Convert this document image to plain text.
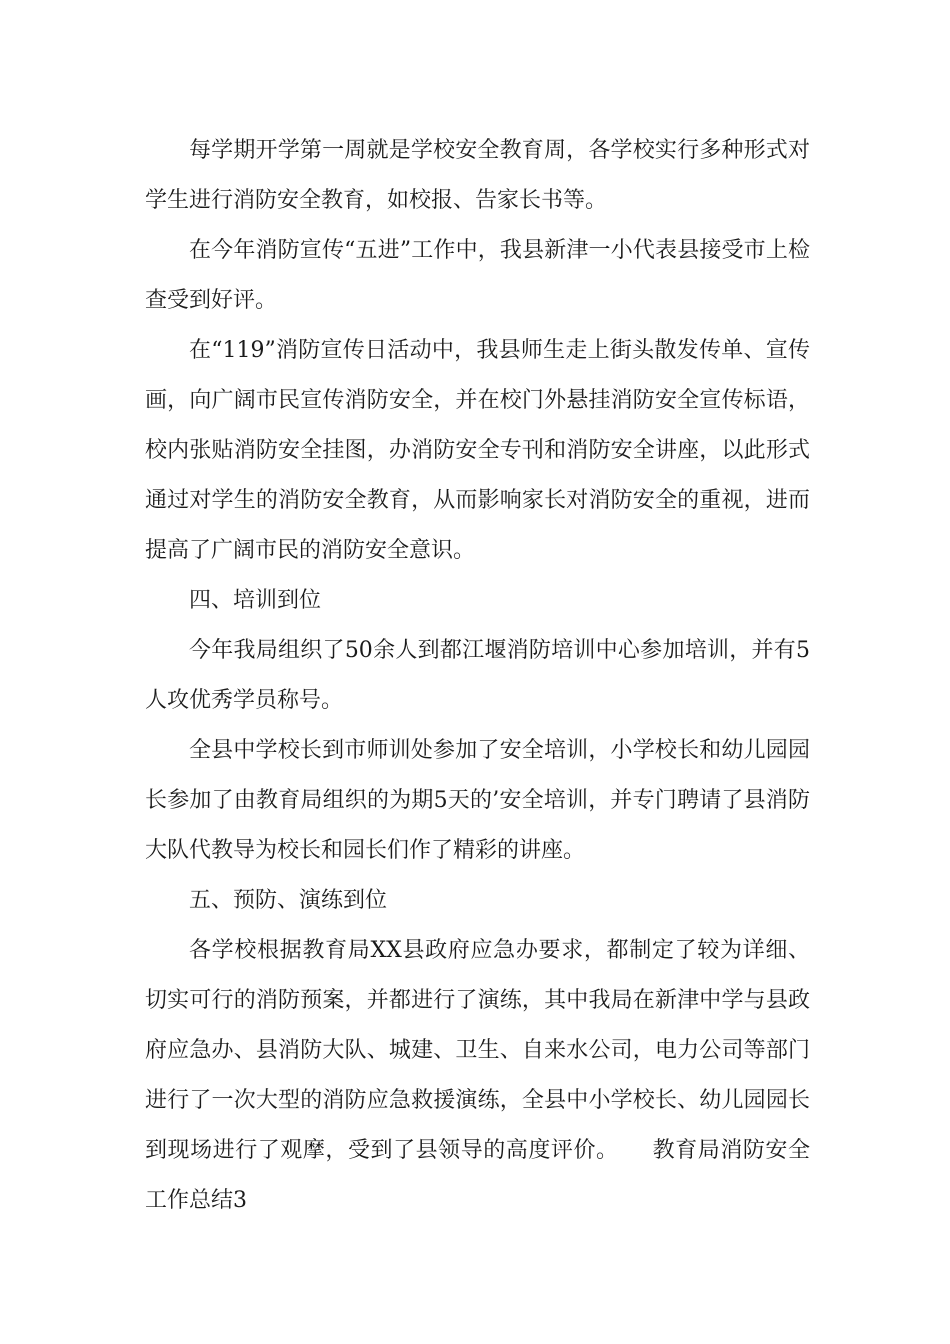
每学期开学第一周就是学校安全教育周，各学校实行多种形式对学生进行消防安全教育，如校报、告家长书等。

在今年消防宣传“五进”工作中，我县新津一小代表县接受市上检查受到好评。

在“119”消防宣传日活动中，我县师生走上街头散发传单、宣传画，向广阔市民宣传消防安全，并在校门外悬挂消防安全宣传标语，校内张贴消防安全挂图，办消防安全专刊和消防安全讲座，以此形式通过对学生的消防安全教育，从而影响家长对消防安全的重视，进而提高了广阔市民的消防安全意识。

四、培训到位

今年我局组织了50余人到都江堰消防培训中心参加培训，并有5人攻优秀学员称号。

全县中学校长到市师训处参加了安全培训，小学校长和幼儿园园长参加了由教育局组织的为期5天的’安全培训，并专门聘请了县消防大队代教导为校长和园长们作了精彩的讲座。

五、预防、演练到位

各学校根据教育局XX县政府应急办要求，都制定了较为详细、切实可行的消防预案，并都进行了演练，其中我局在新津中学与县政府应急办、县消防大队、城建、卫生、自来水公司，电力公司等部门进行了一次大型的消防应急救援演练，全县中小学校长、幼儿园园长到现场进行了观摩，受到了县领导的高度评价。　　教育局消防安全工作总结3
